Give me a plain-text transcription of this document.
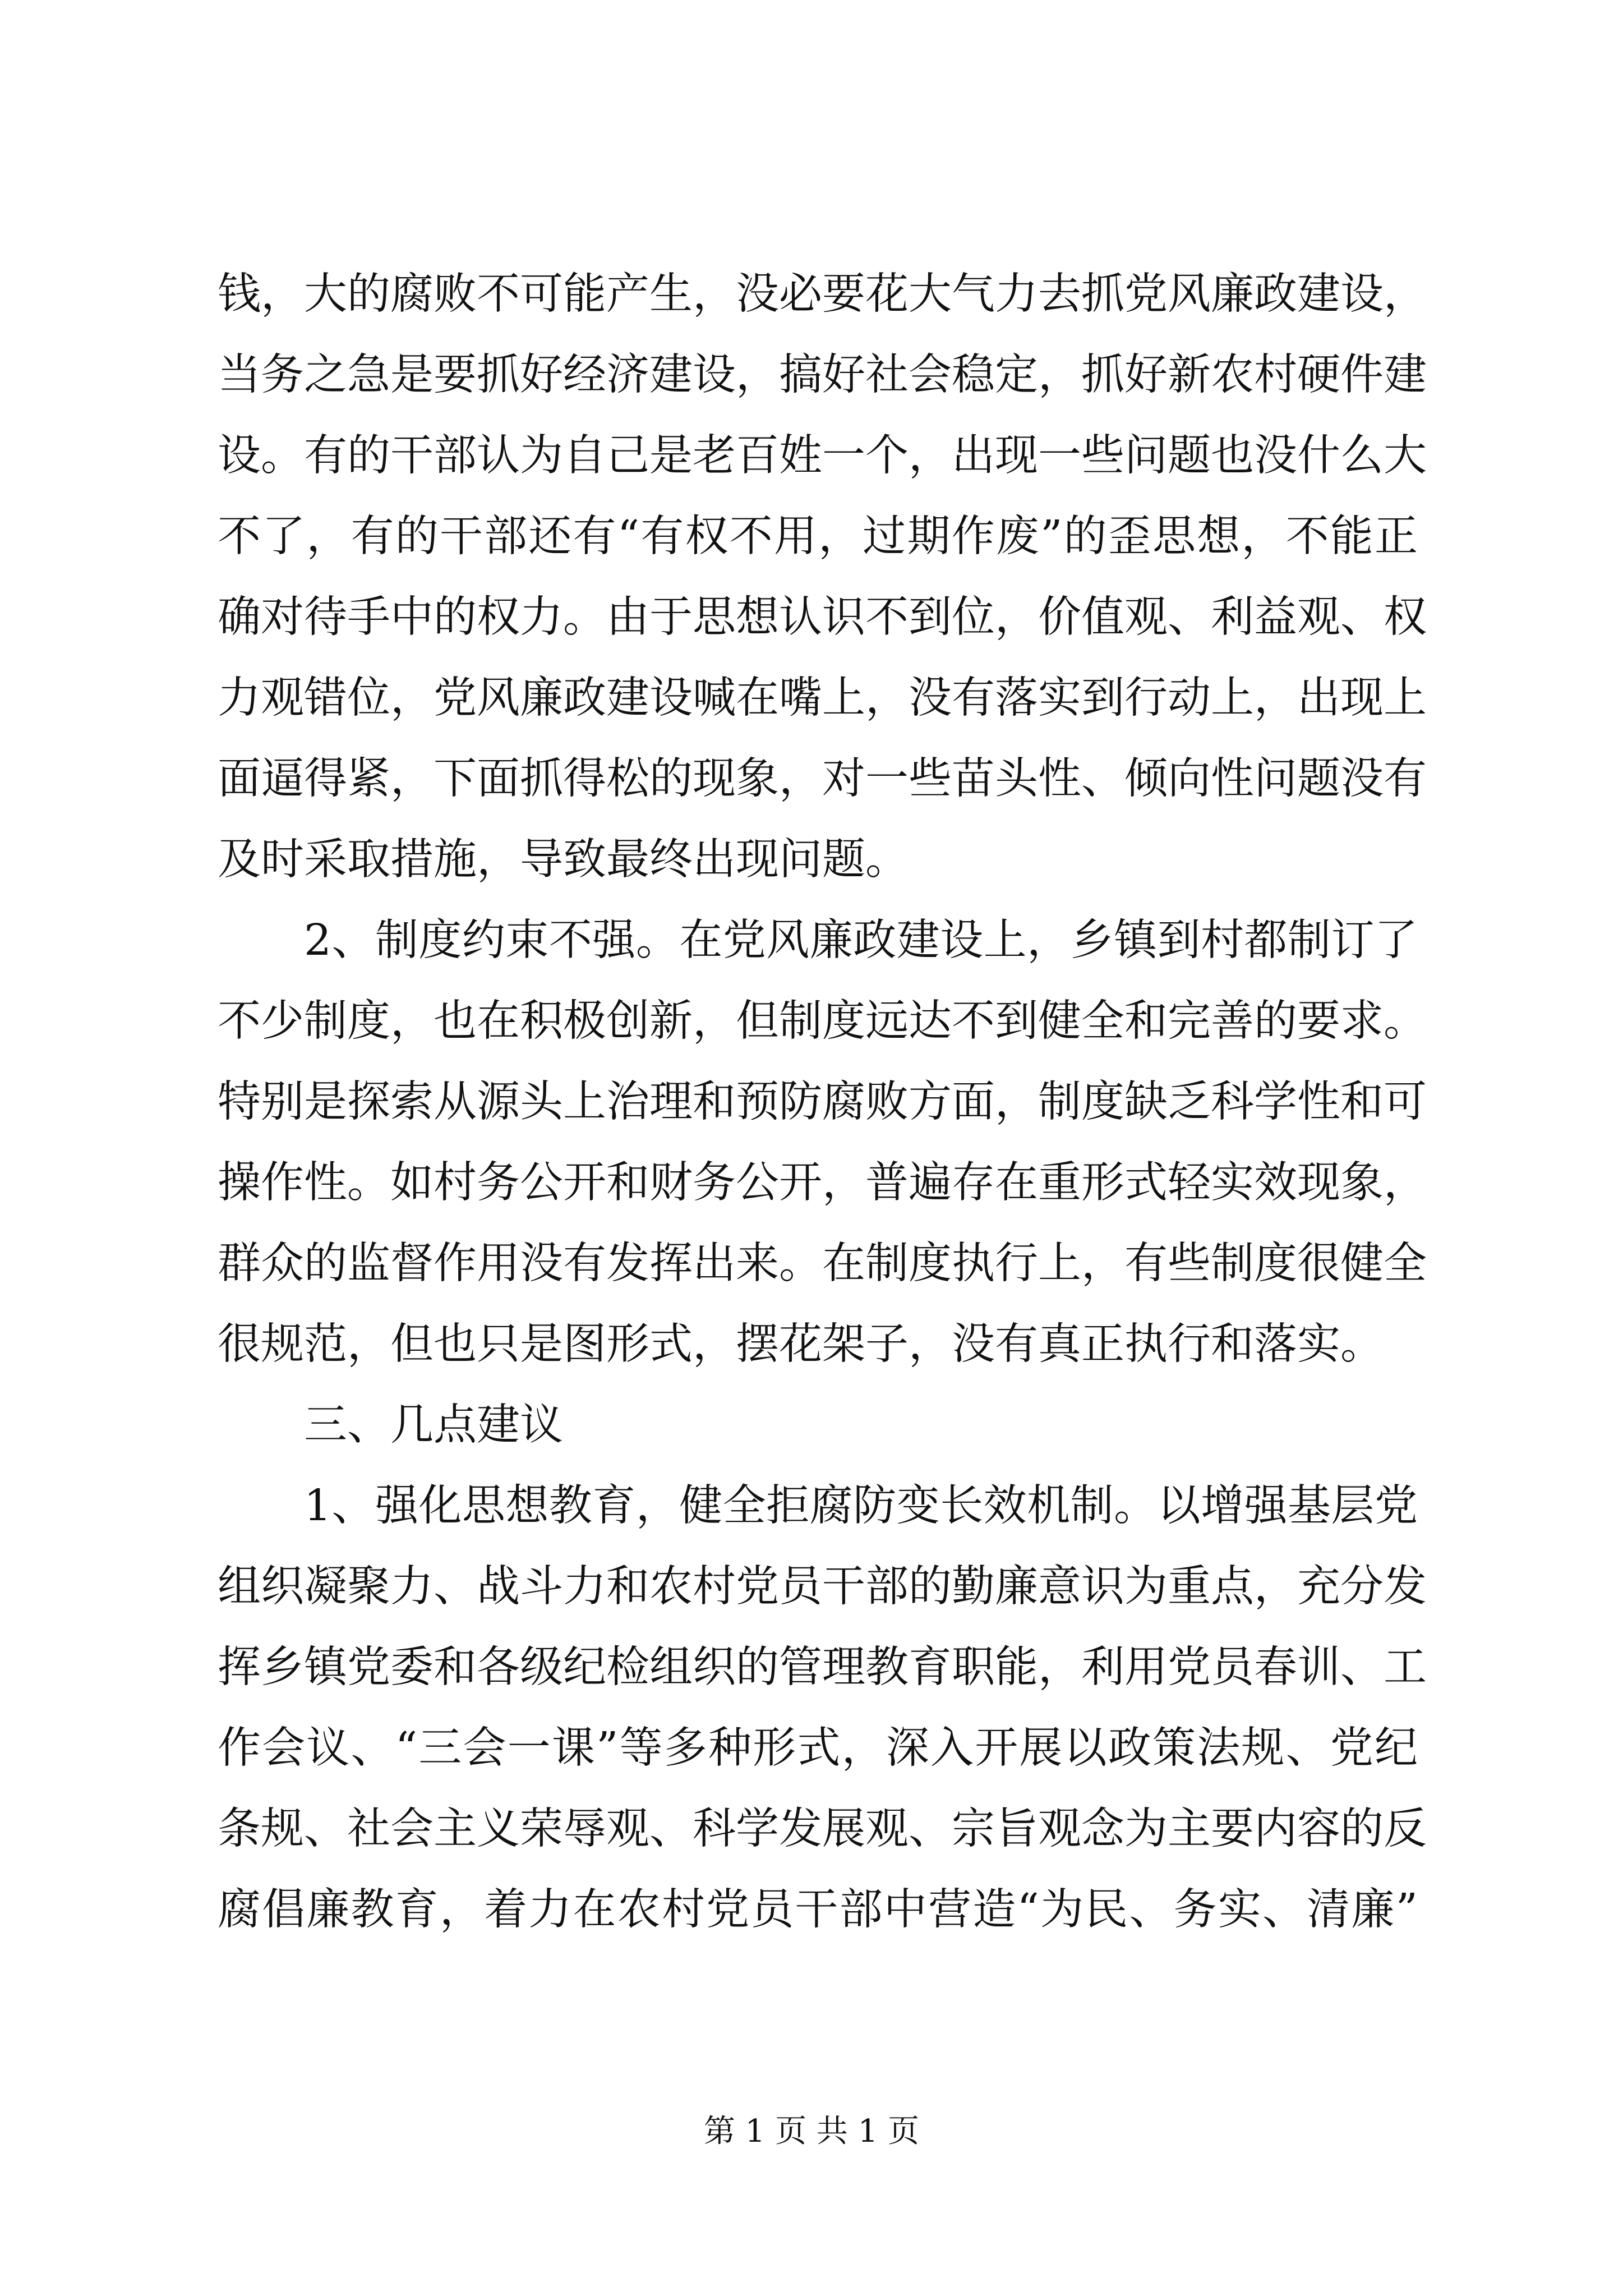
钱，大的腐败不可能产生，没必要花大气力去抓党风廉政建设，
当务之急是要抓好经济建设，搞好社会稳定，抓好新农村硬件建
设。有的干部认为自己是老百姓一个，出现一些问题也没什么大
不了，有的干部还有“有权不用，过期作废”的歪思想，不能正
确对待手中的权力。由于思想认识不到位，价值观、利益观、权
力观错位，党风廉政建设喊在嘴上，没有落实到行动上，出现上
面逼得紧，下面抓得松的现象，对一些苗头性、倾向性问题没有
及时采取措施，导致最终出现问题。
2、制度约束不强。在党风廉政建设上，乡镇到村都制订了
不少制度，也在积极创新，但制度远达不到健全和完善的要求。
特别是探索从源头上治理和预防腐败方面，制度缺乏科学性和可
操作性。如村务公开和财务公开，普遍存在重形式轻实效现象，
群众的监督作用没有发挥出来。在制度执行上，有些制度很健全
很规范，但也只是图形式，摆花架子，没有真正执行和落实。
三、几点建议
1、强化思想教育，健全拒腐防变长效机制。以增强基层党
组织凝聚力、战斗力和农村党员干部的勤廉意识为重点，充分发
挥乡镇党委和各级纪检组织的管理教育职能，利用党员春训、工
作会议、“三会一课”等多种形式，深入开展以政策法规、党纪
条规、社会主义荣辱观、科学发展观、宗旨观念为主要内容的反
腐倡廉教育，着力在农村党员干部中营造“为民、务实、清廉”
第 1 页 共 1 页
